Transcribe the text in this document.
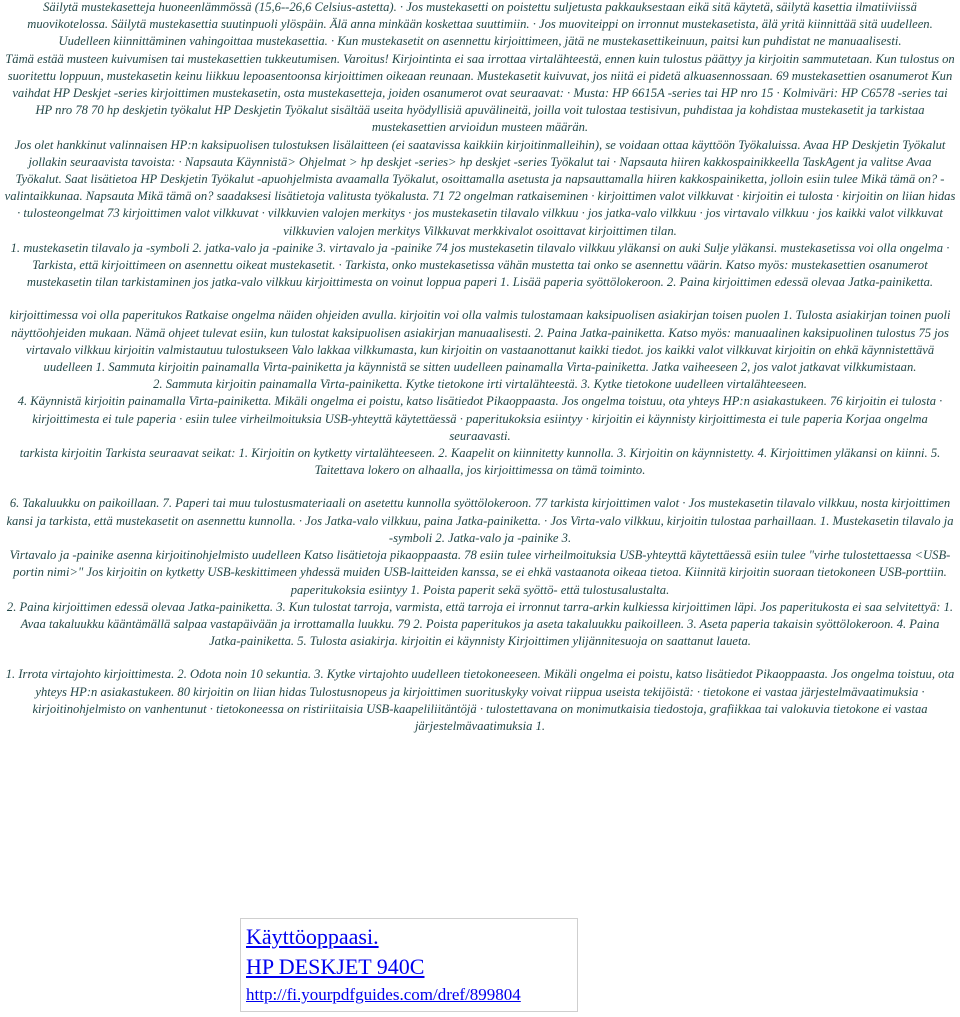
Säilytä mustekasetteja huoneenlämmössä (15,6--26,6 Celsius-astetta). · Jos mustekasetti on poistettu suljetusta pakkauksestaan eikä sitä käytetä, säilytä kasettia ilmatiiviissä muovikotelossa. Säilytä mustekasettia suutinpuoli ylöspäin. Älä anna minkään koskettaa suuttimiin. · Jos muoviteippi on irronnut mustekasetista, älä yritä kiinnittää sitä uudelleen. Uudelleen kiinnittäminen vahingoittaa mustekasettia. · Kun mustekasetit on asennettu kirjoittimeen, jätä ne mustekasettikeinuun, paitsi kun puhdistat ne manuaalisesti.

Tämä estää musteen kuivumisen tai mustekasettien tukkeutumisen. Varoitus! Kirjointinta ei saa irrottaa virtalähteestä, ennen kuin tulostus päättyy ja kirjoitin sammutetaan. Kun tulostus on suoritettu loppuun, mustekasetin keinu liikkuu lepoasentoonsa kirjoittimen oikeaan reunaan. Mustekasetit kuivuvat, jos niitä ei pidetä alkuasennossaan. 69 mustekasettien osanumerot Kun vaihdat HP Deskjet -series kirjoittimen mustekasetin, osta mustekasetteja, joiden osanumerot ovat seuraavat: · Musta: HP 6615A -series tai HP nro 15 · Kolmiväri: HP C6578 -series tai HP nro 78 70 hp deskjetin työkalut HP Deskjetin Työkalut sisältää useita hyödyllisiä apuvälineitä, joilla voit tulostaa testisivun, puhdistaa ja kohdistaa mustekasetit ja tarkistaa mustekasettien arvioidun musteen määrän.

Jos olet hankkinut valinnaisen HP:n kaksipuolisen tulostuksen lisälaitteen (ei saatavissa kaikkiin kirjoitinmalleihin), se voidaan ottaa käyttöön Työkaluissa. Avaa HP Deskjetin Työkalut jollakin seuraavista tavoista: · Napsauta Käynnistä> Ohjelmat > hp deskjet -series> hp deskjet -series Työkalut tai · Napsauta hiiren kakkospainikkeella TaskAgent ja valitse Avaa Työkalut. Saat lisätietoa HP Deskjetin Työkalut -apuohjelmista avaamalla Työkalut, osoittamalla asetusta ja napsauttamalla hiiren kakkospainiketta, jolloin esiin tulee Mikä tämä on? -valintaikkunaa. Napsauta Mikä tämä on? saadaksesi lisätietoja valitusta työkalusta. 71 72 ongelman ratkaiseminen · kirjoittimen valot vilkkuvat · kirjoitin ei tulosta · kirjoitin on liian hidas · tulosteongelmat 73 kirjoittimen valot vilkkuvat · vilkkuvien valojen merkitys · jos mustekasetin tilavalo vilkkuu · jos jatka-valo vilkkuu · jos virtavalo vilkkuu · jos kaikki valot vilkkuvat vilkkuvien valojen merkitys Vilkkuvat merkkivalot osoittavat kirjoittimen tilan.

1. mustekasetin tilavalo ja -symboli 2. jatka-valo ja -painike 3. virtavalo ja -painike 74 jos mustekasetin tilavalo vilkkuu yläkansi on auki Sulje yläkansi. mustekasetissa voi olla ongelma · Tarkista, että kirjoittimeen on asennettu oikeat mustekasetit. · Tarkista, onko mustekasetissa vähän mustetta tai onko se asennettu väärin. Katso myös: mustekasettien osanumerot mustekasetin tilan tarkistaminen jos jatka-valo vilkkuu kirjoittimesta on voinut loppua paperi 1. Lisää paperia syöttölokeroon. 2. Paina kirjoittimen edessä olevaa Jatka-painiketta.

kirjoittimessa voi olla paperitukos Ratkaise ongelma näiden ohjeiden avulla. kirjoitin voi olla valmis tulostamaan kaksipuolisen asiakirjan toisen puolen 1. Tulosta asiakirjan toinen puoli näyttöohjeiden mukaan. Nämä ohjeet tulevat esiin, kun tulostat kaksipuolisen asiakirjan manuaalisesti. 2. Paina Jatka-painiketta. Katso myös: manuaalinen kaksipuolinen tulostus 75 jos virtavalo vilkkuu kirjoitin valmistautuu tulostukseen Valo lakkaa vilkkumasta, kun kirjoitin on vastaanottanut kaikki tiedot. jos kaikki valot vilkkuvat kirjoitin on ehkä käynnistettävä uudelleen 1. Sammuta kirjoitin painamalla Virta-painiketta ja käynnistä se sitten uudelleen painamalla Virta-painiketta. Jatka vaiheeseen 2, jos valot jatkavat vilkkumistaan.

2. Sammuta kirjoitin painamalla Virta-painiketta. Kytke tietokone irti virtalähteestä. 3. Kytke tietokone uudelleen virtalähteeseen.

4. Käynnistä kirjoitin painamalla Virta-painiketta. Mikäli ongelma ei poistu, katso lisätiedot Pikaoppaasta. Jos ongelma toistuu, ota yhteys HP:n asiakastukeen. 76 kirjoitin ei tulosta · kirjoittimesta ei tule paperia · esiin tulee virheilmoituksia USB-yhteyttä käytettäessä · paperitukoksia esiintyy · kirjoitin ei käynnisty kirjoittimesta ei tule paperia Korjaa ongelma seuraavasti.

tarkista kirjoitin Tarkista seuraavat seikat: 1. Kirjoitin on kytketty virtalähteeseen. 2. Kaapelit on kiinnitetty kunnolla. 3. Kirjoitin on käynnistetty. 4. Kirjoittimen yläkansi on kiinni. 5. Taitettava lokero on alhaalla, jos kirjoittimessa on tämä toiminto.

6. Takaluukku on paikoillaan. 7. Paperi tai muu tulostusmateriaali on asetettu kunnolla syöttölokeroon. 77 tarkista kirjoittimen valot · Jos mustekasetin tilavalo vilkkuu, nosta kirjoittimen kansi ja tarkista, että mustekasetit on asennettu kunnolla. · Jos Jatka-valo vilkkuu, paina Jatka-painiketta. · Jos Virta-valo vilkkuu, kirjoitin tulostaa parhaillaan. 1. Mustekasetin tilavalo ja -symboli 2. Jatka-valo ja -painike 3.

Virtavalo ja -painike asenna kirjoitinohjelmisto uudelleen Katso lisätietoja pikaoppaasta. 78 esiin tulee virheilmoituksia USB-yhteyttä käytettäessä esiin tulee "virhe tulostettaessa <USB-portin nimi>" Jos kirjoitin on kytketty USB-keskittimeen yhdessä muiden USB-laitteiden kanssa, se ei ehkä vastaanota oikeaa tietoa. Kiinnitä kirjoitin suoraan tietokoneen USB-porttiin. paperitukoksia esiintyy 1. Poista paperit sekä syöttö- että tulostusalustalta.

2. Paina kirjoittimen edessä olevaa Jatka-painiketta. 3. Kun tulostat tarroja, varmista, että tarroja ei irronnut tarra-arkin kulkiessa kirjoittimen läpi. Jos paperitukosta ei saa selvitettyä: 1.

Avaa takaluukku kääntämällä salpaa vastapäivään ja irrottamalla luukku. 79 2. Poista paperitukos ja aseta takaluukku paikoilleen. 3. Aseta paperia takaisin syöttölokeroon. 4. Paina Jatka-painiketta. 5. Tulosta asiakirja. kirjoitin ei käynnisty Kirjoittimen ylijännitesuoja on saattanut laueta.

1. Irrota virtajohto kirjoittimesta. 2. Odota noin 10 sekuntia. 3. Kytke virtajohto uudelleen tietokoneeseen. Mikäli ongelma ei poistu, katso lisätiedot Pikaoppaasta. Jos ongelma toistuu, ota yhteys HP:n asiakastukeen. 80 kirjoitin on liian hidas Tulostusnopeus ja kirjoittimen suorituskyky voivat riippua useista tekijöistä: · tietokone ei vastaa järjestelmävaatimuksia · kirjoitinohjelmisto on vanhentunut · tietokoneessa on ristiriitaisia USB-kaapeliliitäntöjä · tulostettavana on monimutkaisia tiedostoja, grafiikkaa tai valokuvia tietokone ei vastaa järjestelmävaatimuksia 1.

Käyttöoppaasi.
HP DESKJET 940C
http://fi.yourpdfguides.com/dref/899804
